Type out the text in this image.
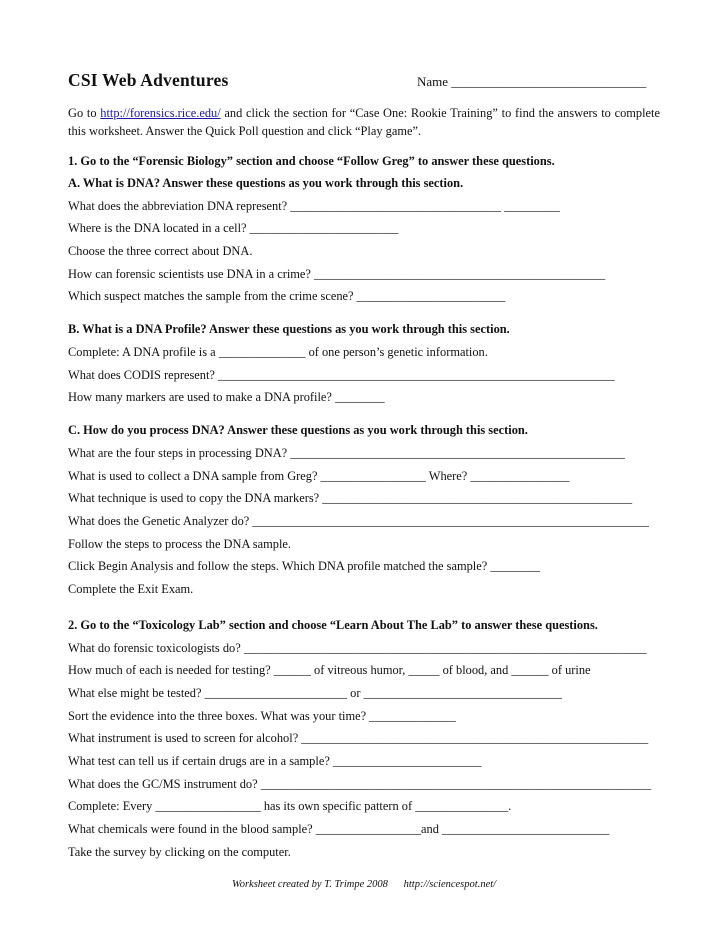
CSI Web Adventures	Name ______________________________
Go to http://forensics.rice.edu/ and click the section for “Case One: Rookie Training” to find the answers to complete this worksheet. Answer the Quick Poll question and click “Play game”.
1. Go to the “Forensic Biology” section and choose “Follow Greg” to answer these questions.
A. What is DNA? Answer these questions as you work through this section.
What does the abbreviation DNA represent? __________________________________ _________
Where is the DNA located in a cell? ________________________
Choose the three correct about DNA.
How can forensic scientists use DNA in a crime? _______________________________________________
Which suspect matches the sample from the crime scene? ________________________
B. What is a DNA Profile? Answer these questions as you work through this section.
Complete: A DNA profile is a ______________ of one person’s genetic information.
What does CODIS represent? ________________________________________________________________
How many markers are used to make a DNA profile? ________
C. How do you process DNA? Answer these questions as you work through this section.
What are the four steps in processing DNA? ______________________________________________________
What is used to collect a DNA sample from Greg? _________________ Where? ________________
What technique is used to copy the DNA markers? __________________________________________________
What does the Genetic Analyzer do? ________________________________________________________________
Follow the steps to process the DNA sample.
Click Begin Analysis and follow the steps. Which DNA profile matched the sample? ________
Complete the Exit Exam.
2. Go to the “Toxicology Lab” section and choose “Learn About The Lab” to answer these questions.
What do forensic toxicologists do? _________________________________________________________________
How much of each is needed for testing? ______ of vitreous humor, _____ of blood, and ______ of urine
What else might be tested? _______________________ or ________________________________
Sort the evidence into the three boxes. What was your time? ______________
What instrument is used to screen for alcohol? ________________________________________________________
What test can tell us if certain drugs are in a sample? ________________________
What does the GC/MS instrument do? _______________________________________________________________
Complete: Every _________________ has its own specific pattern of _______________.
What chemicals were found in the blood sample? _________________and ___________________________
Take the survey by clicking on the computer.
Worksheet created by T. Trimpe 2008 http://sciencespot.net/
